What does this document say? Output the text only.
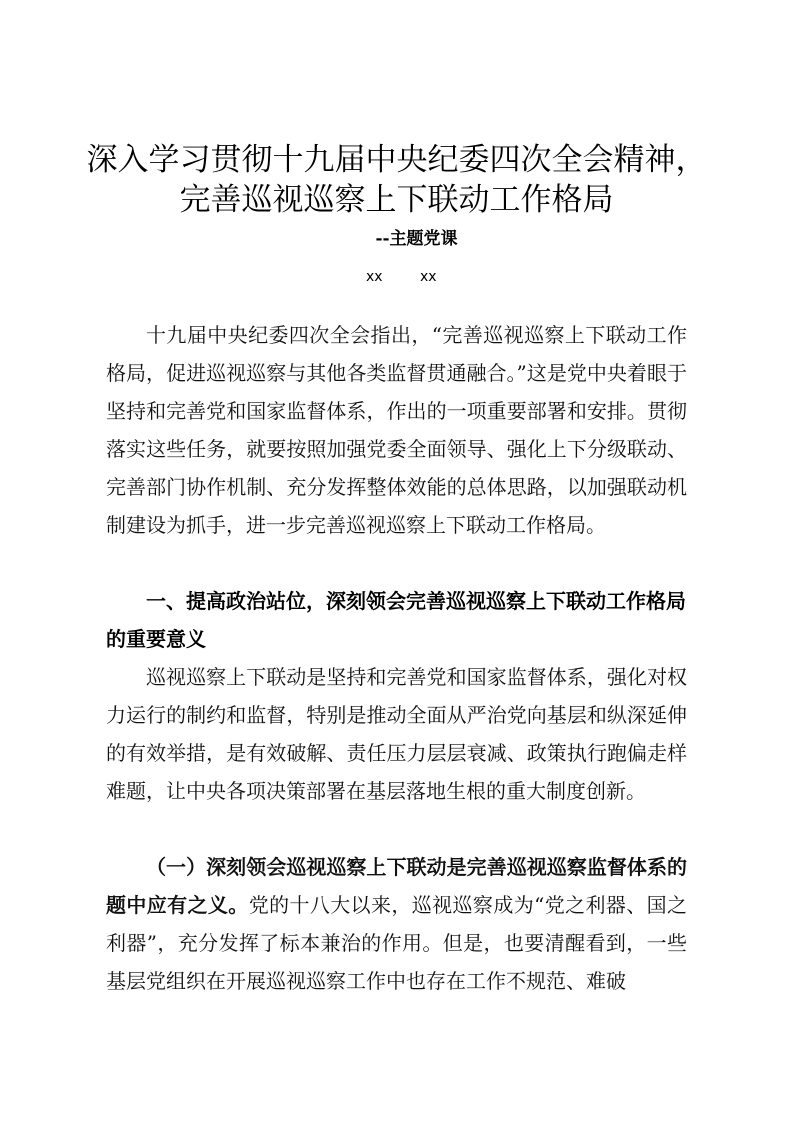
深入学习贯彻十九届中央纪委四次全会精神，
完善巡视巡察上下联动工作格局
--主题党课
xx	xx

十九届中央纪委四次全会指出，“完善巡视巡察上下联动工作格局，促进巡视巡察与其他各类监督贯通融合。”这是党中央着眼于坚持和完善党和国家监督体系，作出的一项重要部署和安排。贯彻落实这些任务，就要按照加强党委全面领导、强化上下分级联动、完善部门协作机制、充分发挥整体效能的总体思路，以加强联动机制建设为抓手，进一步完善巡视巡察上下联动工作格局。

一、提高政治站位，深刻领会完善巡视巡察上下联动工作格局的重要意义

巡视巡察上下联动是坚持和完善党和国家监督体系，强化对权力运行的制约和监督，特别是推动全面从严治党向基层和纵深延伸的有效举措，是有效破解、责任压力层层衰减、政策执行跑偏走样难题，让中央各项决策部署在基层落地生根的重大制度创新。

（一）深刻领会巡视巡察上下联动是完善巡视巡察监督体系的题中应有之义。党的十八大以来，巡视巡察成为“党之利器、国之利器”，充分发挥了标本兼治的作用。但是，也要清醒看到，一些基层党组织在开展巡视巡察工作中也存在工作不规范、难破
